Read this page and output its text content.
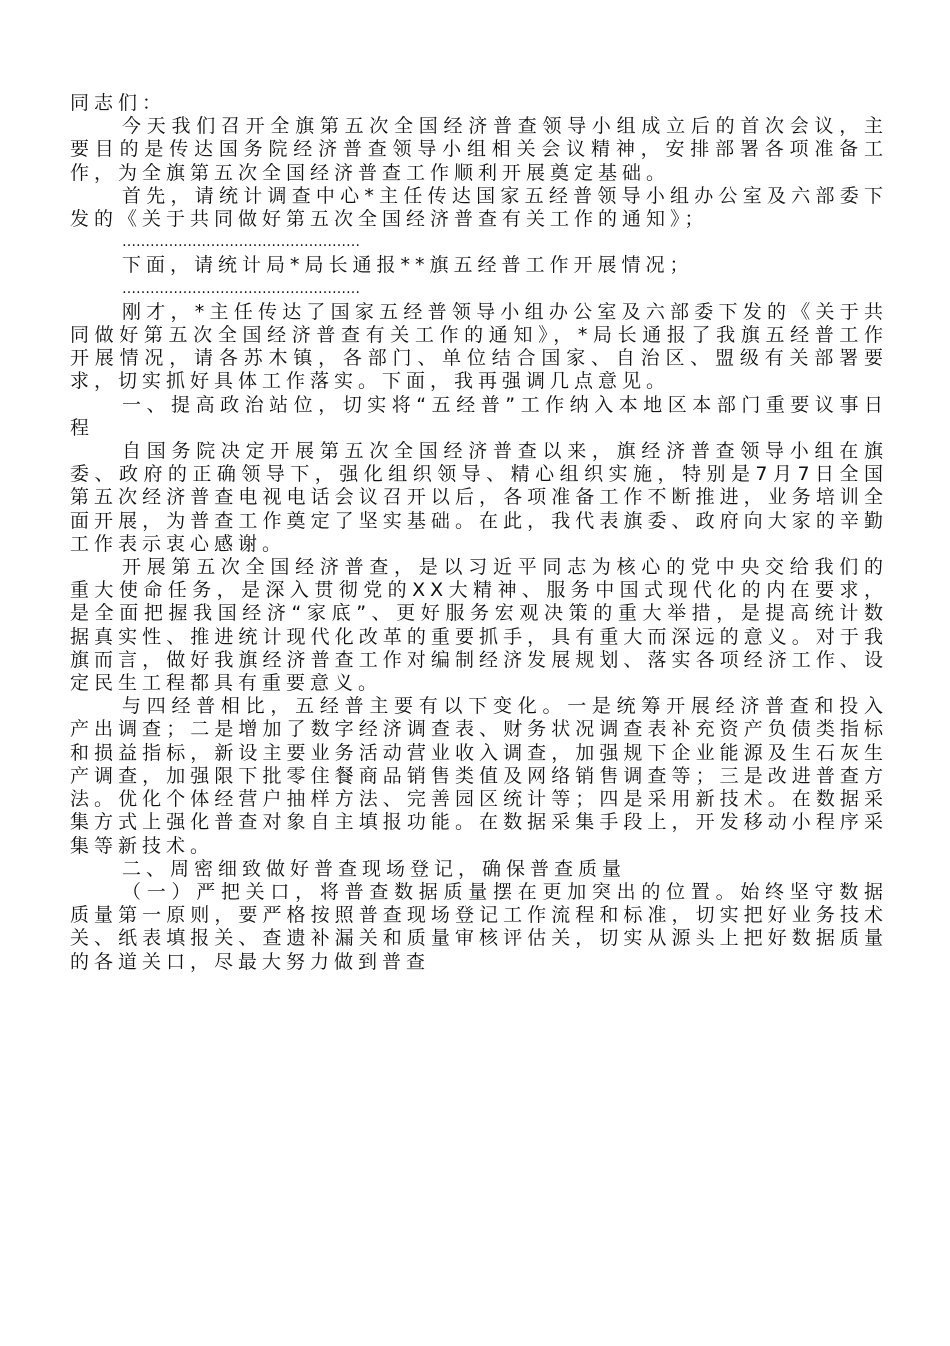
同志们：

今天我们召开全旗第五次全国经济普查领导小组成立后的首次会议，主要目的是传达国务院经济普查领导小组相关会议精神，安排部署各项准备工作，为全旗第五次全国经济普查工作顺利开展奠定基础。

首先，请统计调查中心*主任传达国家五经普领导小组办公室及六部委下发的《关于共同做好第五次全国经济普查有关工作的通知》；

……………………………………………

下面，请统计局*局长通报**旗五经普工作开展情况；

……………………………………………

刚才，*主任传达了国家五经普领导小组办公室及六部委下发的《关于共同做好第五次全国经济普查有关工作的通知》，*局长通报了我旗五经普工作开展情况，请各苏木镇，各部门、单位结合国家、自治区、盟级有关部署要求，切实抓好具体工作落实。下面，我再强调几点意见。

一、提高政治站位，切实将“五经普”工作纳入本地区本部门重要议事日程

自国务院决定开展第五次全国经济普查以来，旗经济普查领导小组在旗委、政府的正确领导下，强化组织领导、精心组织实施，特别是7月7日全国第五次经济普查电视电话会议召开以后，各项准备工作不断推进，业务培训全面开展，为普查工作奠定了坚实基础。在此，我代表旗委、政府向大家的辛勤工作表示衷心感谢。

开展第五次全国经济普查，是以习近平同志为核心的党中央交给我们的重大使命任务，是深入贯彻党的XX大精神、服务中国式现代化的内在要求，是全面把握我国经济“家底”、更好服务宏观决策的重大举措，是提高统计数据真实性、推进统计现代化改革的重要抓手，具有重大而深远的意义。对于我旗而言，做好我旗经济普查工作对编制经济发展规划、落实各项经济工作、设定民生工程都具有重要意义。

与四经普相比，五经普主要有以下变化。一是统筹开展经济普查和投入产出调查；二是增加了数字经济调查表、财务状况调查表补充资产负债类指标和损益指标，新设主要业务活动营业收入调查，加强规下企业能源及生石灰生产调查，加强限下批零住餐商品销售类值及网络销售调查等；三是改进普查方法。优化个体经营户抽样方法、完善园区统计等；四是采用新技术。在数据采集方式上强化普查对象自主填报功能。在数据采集手段上，开发移动小程序采集等新技术。

二、周密细致做好普查现场登记，确保普查质量

（一）严把关口，将普查数据质量摆在更加突出的位置。始终坚守数据质量第一原则，要严格按照普查现场登记工作流程和标准，切实把好业务技术关、纸表填报关、查遗补漏关和质量审核评估关，切实从源头上把好数据质量的各道关口，尽最大努力做到普查
